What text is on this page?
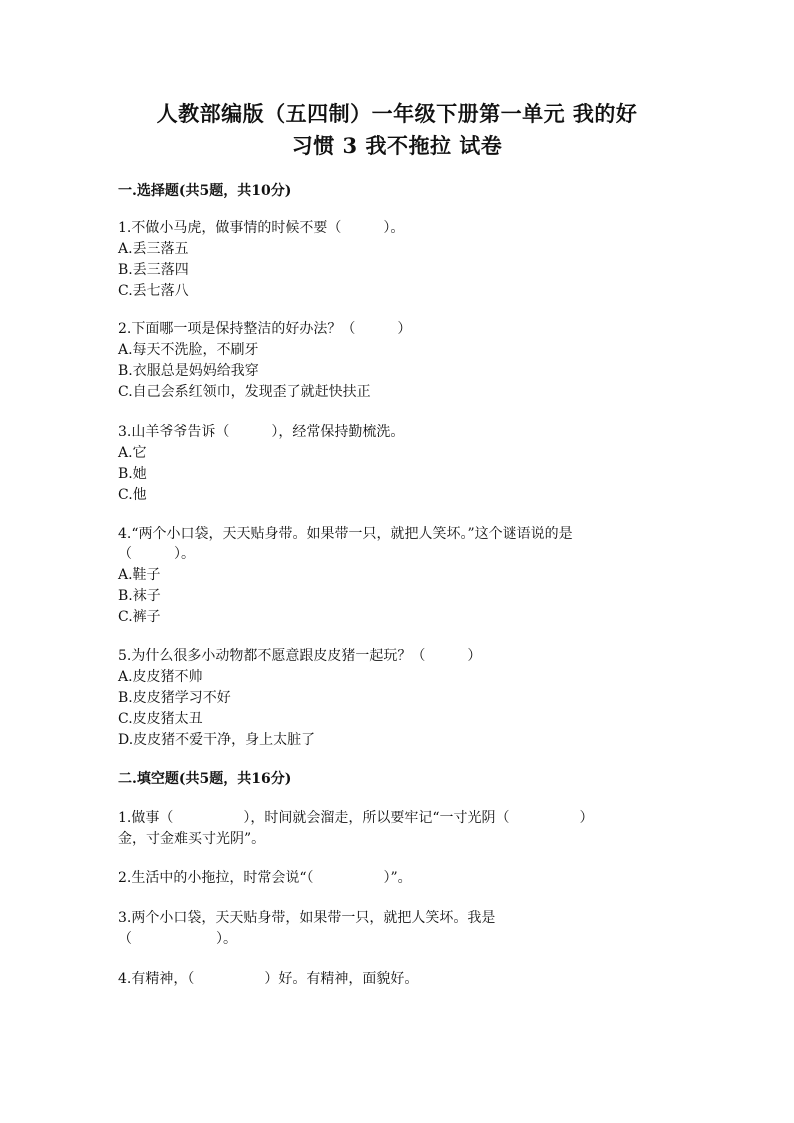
人教部编版（五四制）一年级下册第一单元 我的好
习惯 3 我不拖拉 试卷
一.选择题(共5题，共10分)
1.不做小马虎，做事情的时候不要（　　　）。
A.丢三落五
B.丢三落四
C.丢七落八
2.下面哪一项是保持整洁的好办法？（　　　）
A.每天不洗脸，不刷牙
B.衣服总是妈妈给我穿
C.自己会系红领巾，发现歪了就赶快扶正
3.山羊爷爷告诉（　　　），经常保持勤梳洗。
A.它
B.她
C.他
4.“两个小口袋，天天贴身带。如果带一只，就把人笑坏。”这个谜语说的是
（　　　）。
A.鞋子
B.袜子
C.裤子
5.为什么很多小动物都不愿意跟皮皮猪一起玩？（　　　）
A.皮皮猪不帅
B.皮皮猪学习不好
C.皮皮猪太丑
D.皮皮猪不爱干净，身上太脏了
二.填空题(共5题，共16分)
1.做事（　　　　　），时间就会溜走，所以要牢记“一寸光阴（　　　　　）
金，寸金难买寸光阴”。
2.生活中的小拖拉，时常会说“（　　　　　）”。
3.两个小口袋，天天贴身带，如果带一只，就把人笑坏。我是
（　　　　　　）。
4.有精神，（　　　　　）好。有精神，面貌好。
